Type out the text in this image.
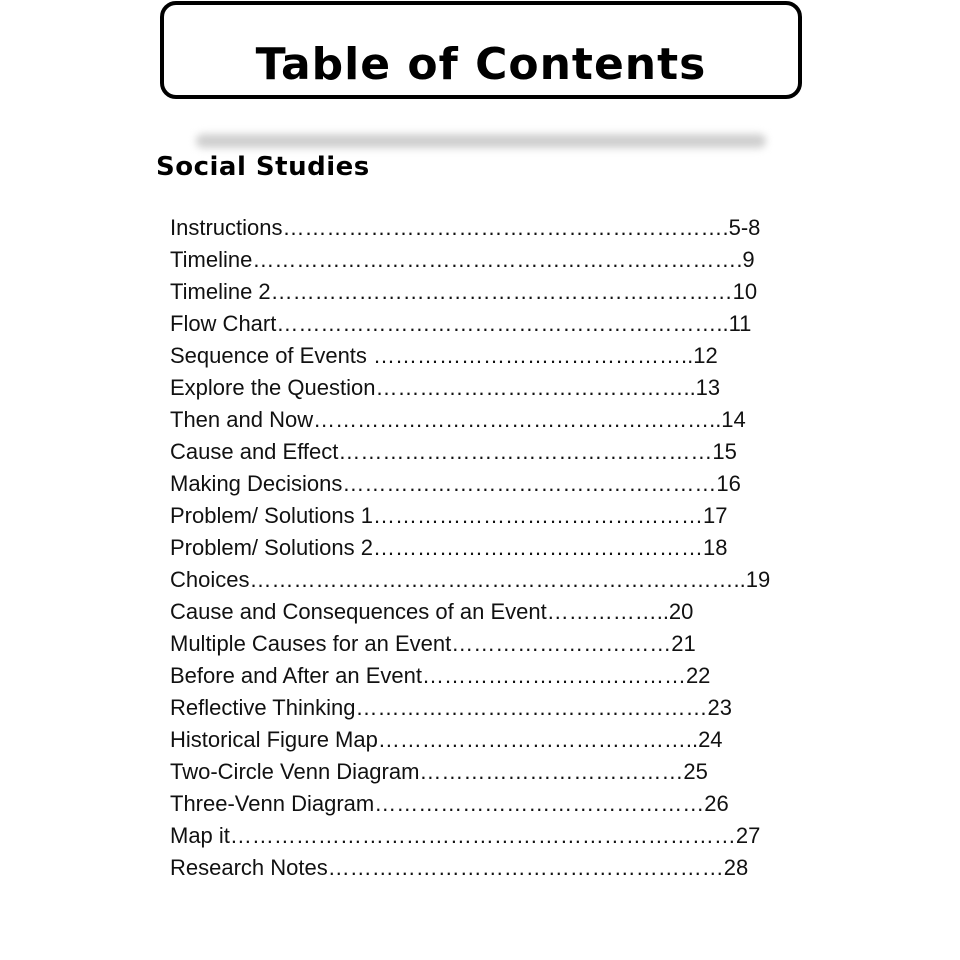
Table of Contents
Social Studies
Instructions…………………………………………………….5-8
Timeline………………………………………………………….9
Timeline 2………………………………………………………10
Flow Chart……………………………………………………..11
Sequence of Events ……………………………………..12
Explore the Question……………………………………..13
Then and Now………………………………………………..14
Cause and Effect……………………………………………15
Making Decisions……………………………………………16
Problem/ Solutions 1………………………………………17
Problem/ Solutions 2………………………………………18
Choices…………………………………………………………..19
Cause and Consequences of an Event……………..20
Multiple Causes for an Event…………………………21
Before and After an Event………………………………22
Reflective Thinking…………………………………………23
Historical Figure Map……………………………………..24
Two-Circle Venn Diagram………………………………25
Three-Venn Diagram………………………………………26
Map it……………………………………………………………27
Research Notes………………………………………………28
